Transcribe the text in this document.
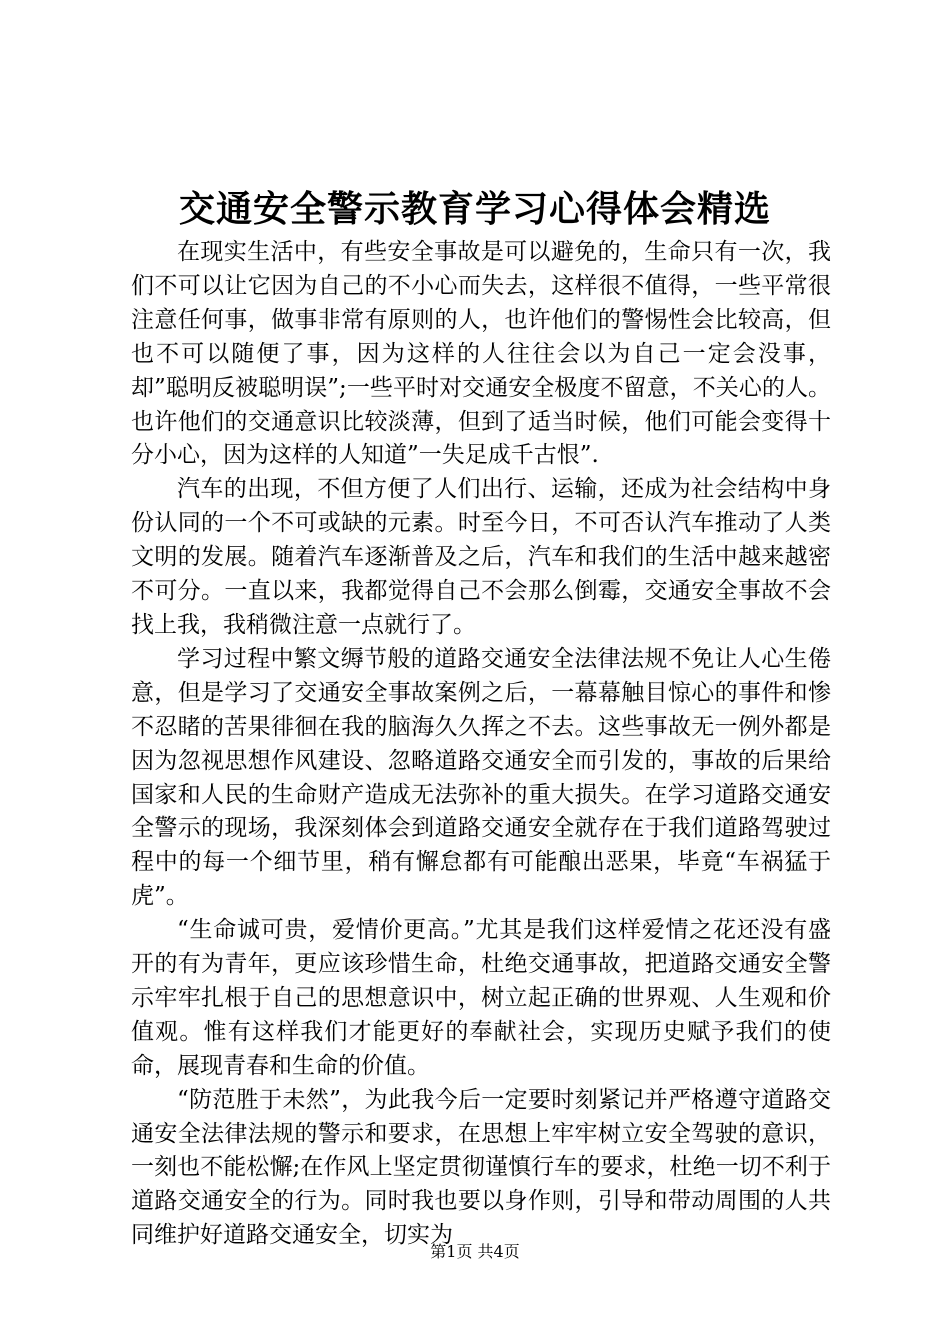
交通安全警示教育学习心得体会精选

在现实生活中，有些安全事故是可以避免的，生命只有一次，我们不可以让它因为自己的不小心而失去，这样很不值得，一些平常很注意任何事，做事非常有原则的人，也许他们的警惕性会比较高，但也不可以随便了事，因为这样的人往往会以为自己一定会没事，却”聪明反被聪明误”;一些平时对交通安全极度不留意，不关心的人。也许他们的交通意识比较淡薄，但到了适当时候，他们可能会变得十分小心，因为这样的人知道”一失足成千古恨”.

汽车的出现，不但方便了人们出行、运输，还成为社会结构中身份认同的一个不可或缺的元素。时至今日，不可否认汽车推动了人类文明的发展。随着汽车逐渐普及之后，汽车和我们的生活中越来越密不可分。一直以来，我都觉得自己不会那么倒霉，交通安全事故不会找上我，我稍微注意一点就行了。

学习过程中繁文缛节般的道路交通安全法律法规不免让人心生倦意，但是学习了交通安全事故案例之后，一幕幕触目惊心的事件和惨不忍睹的苦果徘徊在我的脑海久久挥之不去。这些事故无一例外都是因为忽视思想作风建设、忽略道路交通安全而引发的，事故的后果给国家和人民的生命财产造成无法弥补的重大损失。在学习道路交通安全警示的现场，我深刻体会到道路交通安全就存在于我们道路驾驶过程中的每一个细节里，稍有懈怠都有可能酿出恶果，毕竟“车祸猛于虎”。

“生命诚可贵，爱情价更高。”尤其是我们这样爱情之花还没有盛开的有为青年，更应该珍惜生命，杜绝交通事故，把道路交通安全警示牢牢扎根于自己的思想意识中，树立起正确的世界观、人生观和价值观。惟有这样我们才能更好的奉献社会，实现历史赋予我们的使命，展现青春和生命的价值。

“防范胜于未然”，为此我今后一定要时刻紧记并严格遵守道路交通安全法律法规的警示和要求，在思想上牢牢树立安全驾驶的意识，一刻也不能松懈;在作风上坚定贯彻谨慎行车的要求，杜绝一切不利于道路交通安全的行为。同时我也要以身作则，引导和带动周围的人共同维护好道路交通安全，切实为

第1页 共4页
